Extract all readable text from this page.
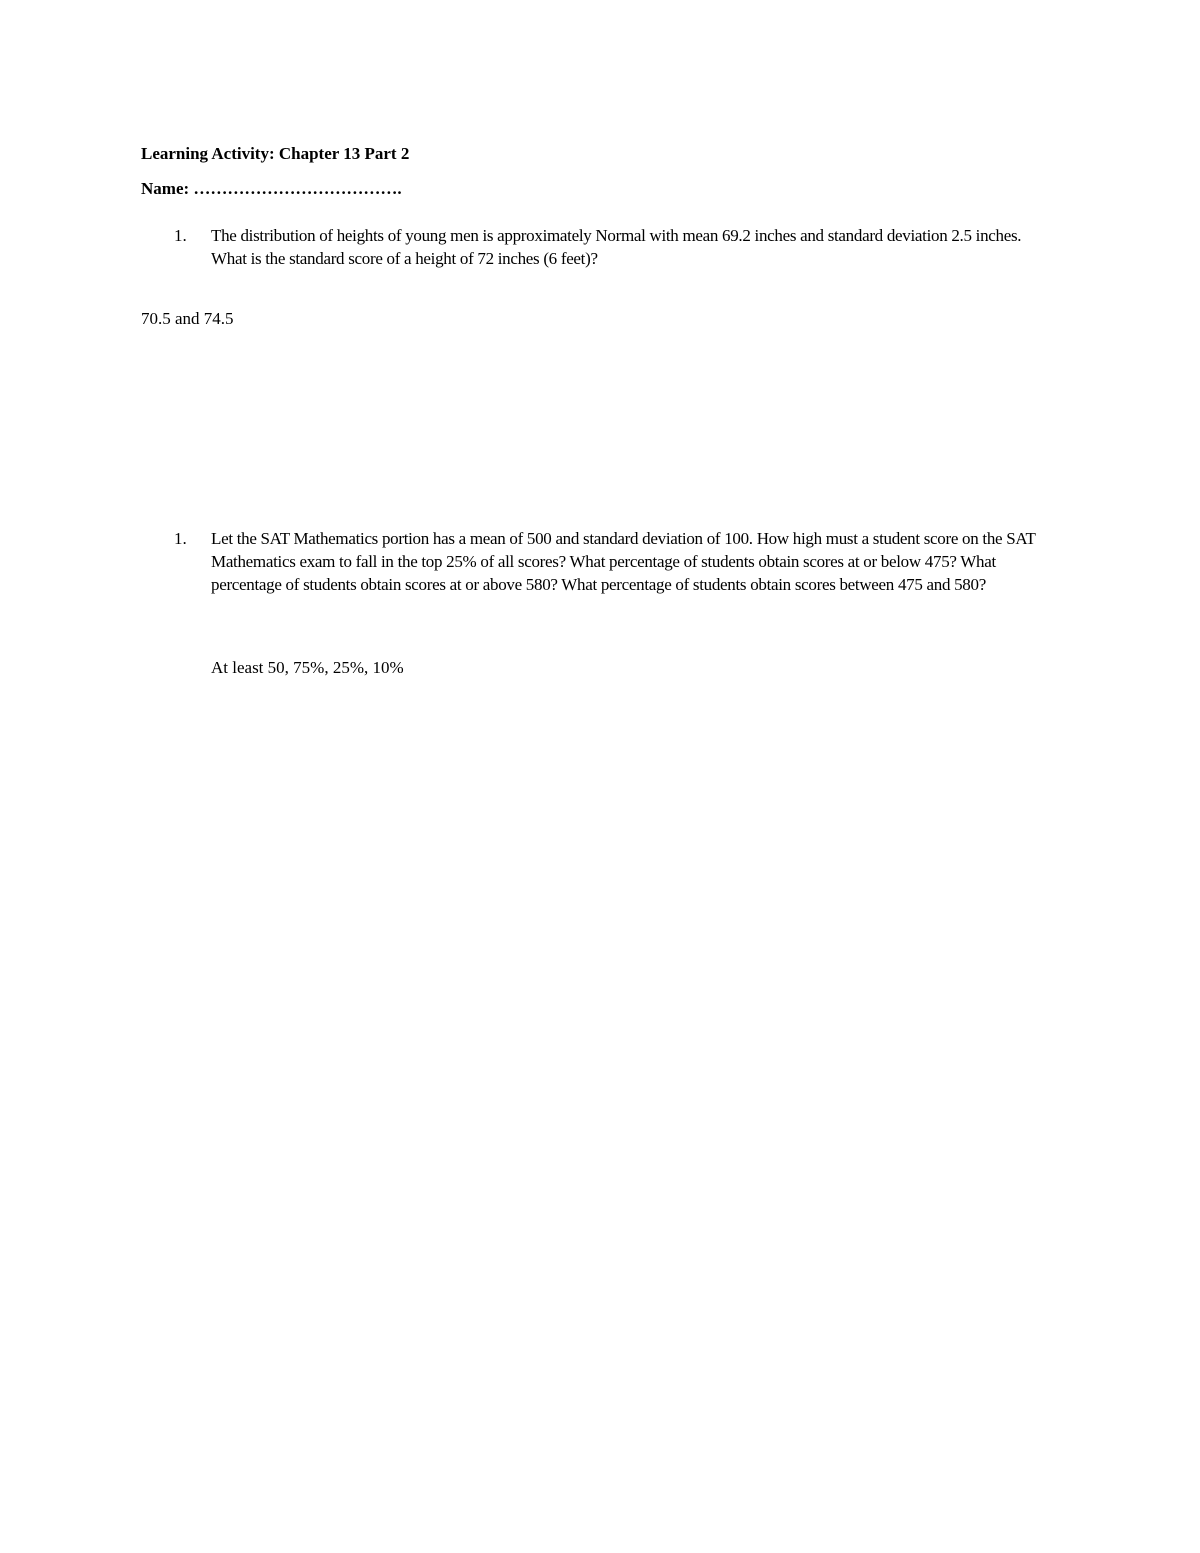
Learning Activity: Chapter 13 Part 2
Name: ……………………………….
1. The distribution of heights of young men is approximately Normal with mean 69.2 inches and standard deviation 2.5 inches. What is the standard score of a height of 72 inches (6 feet)?
70.5 and 74.5
1. Let the SAT Mathematics portion has a mean of 500 and standard deviation of 100. How high must a student score on the SAT Mathematics exam to fall in the top 25% of all scores? What percentage of students obtain scores at or below 475? What percentage of students obtain scores at or above 580? What percentage of students obtain scores between 475 and 580?
At least 50, 75%, 25%, 10%
